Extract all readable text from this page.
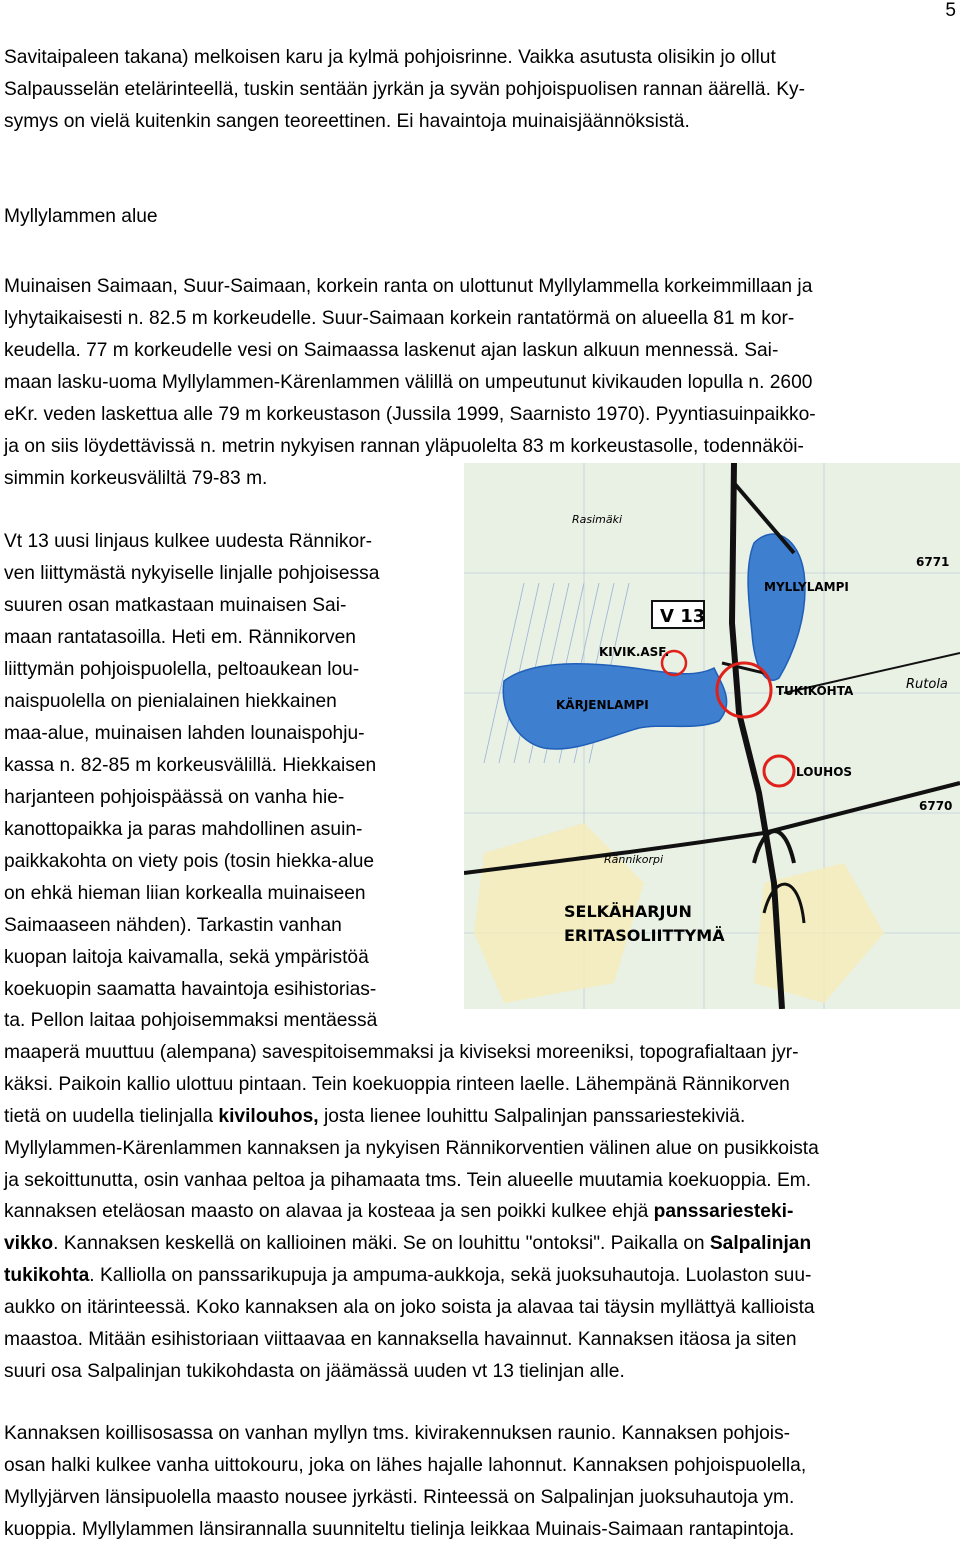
5
Savitaipaleen takana) melkoisen karu ja kylmä pohjoisrinne. Vaikka asutusta olisikin jo ollut
Salpausselän etelärinteellä, tuskin sentään jyrkän ja syvän pohjoispuolisen rannan äärellä. Ky-
symys on vielä kuitenkin sangen teoreettinen. Ei havaintoja muinaisjäännöksistä.
Myllylammen alue
Muinaisen Saimaan, Suur-Saimaan, korkein ranta on ulottunut Myllylammella korkeimmillaan ja
lyhytaikaisesti n. 82.5 m korkeudelle. Suur-Saimaan korkein rantatörmä on alueella 81 m kor-
keudella. 77 m korkeudelle vesi on Saimaassa laskenut ajan laskun alkuun mennessä. Sai-
maan lasku-uoma Myllylammen-Kärenlammen välillä on umpeutunut kivikauden lopulla n. 2600
eKr. veden laskettua alle 79 m korkeustason (Jussila 1999, Saarnisto 1970). Pyyntiasuinpaikko-
ja on siis löydettävissä n. metrin nykyisen rannan yläpuolelta 83 m korkeustasolle, todennäköi-
simmin korkeusväliltä 79-83 m.
Vt 13 uusi linjaus kulkee uudesta Rännikor-
ven liittymästä nykyiselle linjalle pohjoisessa
suuren osan matkastaan muinaisen Sai-
maan rantatasoilla. Heti em. Rännikorven
liittymän pohjoispuolella, peltoaukean lou-
naispuolella on pienialainen hiekkainen
maa-alue, muinaisen lahden lounaispohju-
kassa n. 82-85 m korkeusvälillä. Hiekkaisen
harjanteen pohjoispäässä on vanha hie-
kanottopaikka ja paras mahdollinen asuin-
paikkakohta on viety pois (tosin hiekka-alue
on ehkä hieman liian korkealla muinaiseen
Saimaaseen nähden). Tarkastin vanhan
kuopan laitoja kaivamalla, sekä ympäristöä
koekuopin saamatta havaintoja esihistorias-
ta. Pellon laitaa pohjoisemmaksi mentäessä
maaperä muuttuu (alempana) savespitoisemmaksi ja kiviseksi moreeniksi, topografialtaan jyr-
käksi. Paikoin kallio ulottuu pintaan. Tein koekuoppia rinteen laelle. Lähempänä Rännikorven
tietä on uudella tielinjalla kivilouhos, josta lienee louhittu Salpalinjan panssariestekiviä.
Myllylammen-Kärenlammen kannaksen ja nykyisen Rännikorventien välinen alue on pusikkoista
ja sekoittunutta, osin vanhaa peltoa ja pihamaata tms. Tein alueelle muutamia koekuoppia. Em.
kannaksen eteläosan maasto on alavaa ja kosteaa ja sen poikki kulkee ehjä panssariesteki-
vikko. Kannaksen keskellä on kallioinen mäki. Se on louhittu "ontoksi". Paikalla on Salpalinjan
tukikohta. Kalliolla on panssarikupuja ja ampuma-aukkoja, sekä juoksuhautoja. Luolaston suu-
aukko on itärinteessä. Koko kannaksen ala on joko soista ja alavaa tai täysin myllättyä kallioista
maastoa. Mitään esihistoriaan viittaavaa en kannaksella havainnut. Kannaksen itäosa ja siten
suuri osa Salpalinjan tukikohdasta on jäämässä uuden vt 13 tielinjan alle.
Kannaksen koillisosassa on vanhan myllyn tms. kivirakennuksen raunio. Kannaksen pohjois-
osan halki kulkee vanha uittokouru, joka on lähes hajalle lahonnut. Kannaksen pohjoispuolella,
Myllyjärven länsipuolella maasto nousee jyrkästi. Rinteessä on Salpalinjan juoksuhautoja ym.
kuoppia. Myllylammen länsirannalla suunniteltu tielinja leikkaa Muinais-Saimaan rantapintoja.
V 13
MYLLYLAMPI
KIVIK.ASF.
KÄRJENLAMPI
TUKIKOHTA
LOUHOS
SELKÄHARJUN
ERITASOLIITTYMÄ
6771
6770
Rutola
Rasimäki
Rännikorpi
